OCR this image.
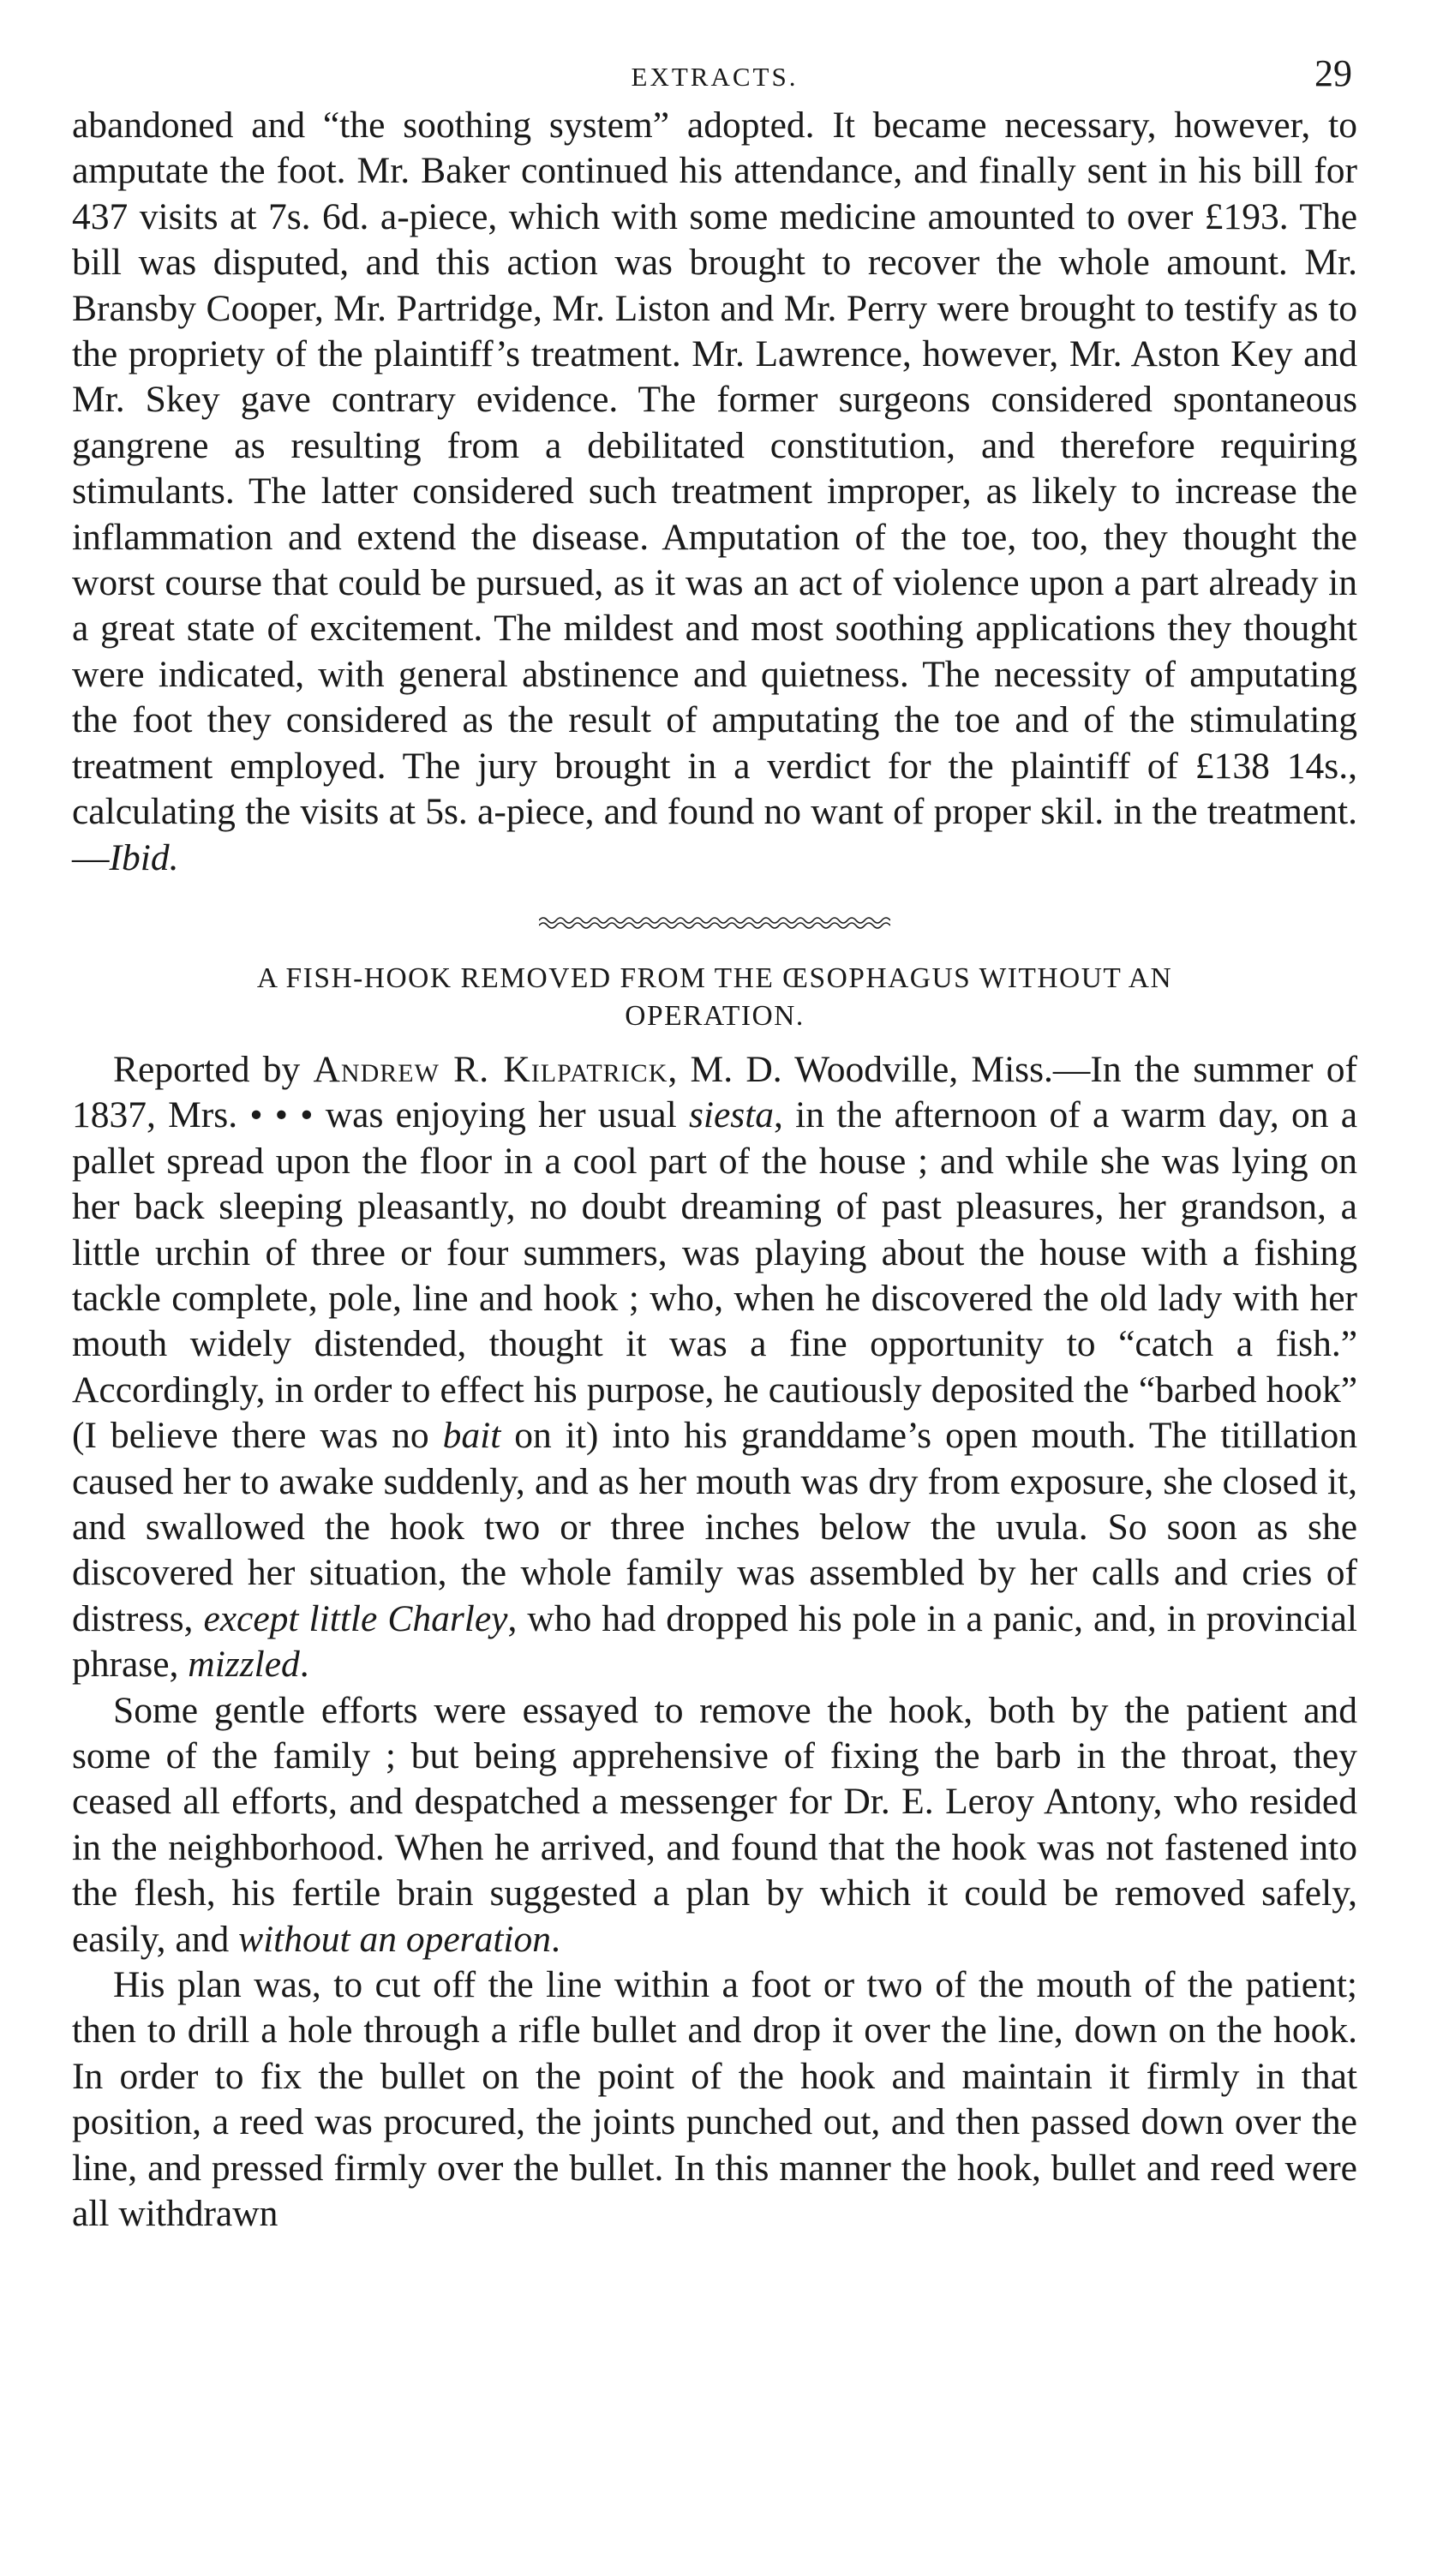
EXTRACTS.	29

abandoned and “the soothing system” adopted. It became necessary, however, to amputate the foot. Mr. Baker continued his attendance, and finally sent in his bill for 437 visits at 7s. 6d. a-piece, which with some medicine amounted to over £193. The bill was disputed, and this action was brought to recover the whole amount. Mr. Bransby Cooper, Mr. Partridge, Mr. Liston and Mr. Perry were brought to testify as to the propriety of the plaintiff’s treatment. Mr. Lawrence, however, Mr. Aston Key and Mr. Skey gave contrary evidence. The former surgeons considered spontaneous gangrene as resulting from a debilitated constitution, and therefore requiring stimulants. The latter considered such treatment improper, as likely to increase the inflammation and extend the disease. Amputation of the toe, too, they thought the worst course that could be pursued, as it was an act of violence upon a part already in a great state of excitement. The mildest and most soothing applications they thought were indicated, with general abstinence and quietness. The necessity of amputating the foot they considered as the result of amputating the toe and of the stimulating treatment employed. The jury brought in a verdict for the plaintiff of £138 14s., calculating the visits at 5s. a-piece, and found no want of proper skil. in the treatment.—Ibid.

A FISH-HOOK REMOVED FROM THE ŒSOPHAGUS WITHOUT AN
OPERATION.

Reported by Andrew R. Kilpatrick, M. D. Woodville, Miss.—In the summer of 1837, Mrs. • • • was enjoying her usual siesta, in the afternoon of a warm day, on a pallet spread upon the floor in a cool part of the house ; and while she was lying on her back sleeping pleasantly, no doubt dreaming of past pleasures, her grandson, a little urchin of three or four summers, was playing about the house with a fishing tackle complete, pole, line and hook ; who, when he discovered the old lady with her mouth widely distended, thought it was a fine opportunity to “catch a fish.” Accordingly, in order to effect his purpose, he cautiously deposited the “barbed hook” (I believe there was no bait on it) into his granddame’s open mouth. The titillation caused her to awake suddenly, and as her mouth was dry from exposure, she closed it, and swallowed the hook two or three inches below the uvula. So soon as she discovered her situation, the whole family was assembled by her calls and cries of distress, except little Charley, who had dropped his pole in a panic, and, in provincial phrase, mizzled.

Some gentle efforts were essayed to remove the hook, both by the patient and some of the family ; but being apprehensive of fixing the barb in the throat, they ceased all efforts, and despatched a messenger for Dr. E. Leroy Antony, who resided in the neighborhood. When he arrived, and found that the hook was not fastened into the flesh, his fertile brain suggested a plan by which it could be removed safely, easily, and without an operation.

His plan was, to cut off the line within a foot or two of the mouth of the patient; then to drill a hole through a rifle bullet and drop it over the line, down on the hook. In order to fix the bullet on the point of the hook and maintain it firmly in that position, a reed was procured, the joints punched out, and then passed down over the line, and pressed firmly over the bullet. In this manner the hook, bullet and reed were all withdrawn
